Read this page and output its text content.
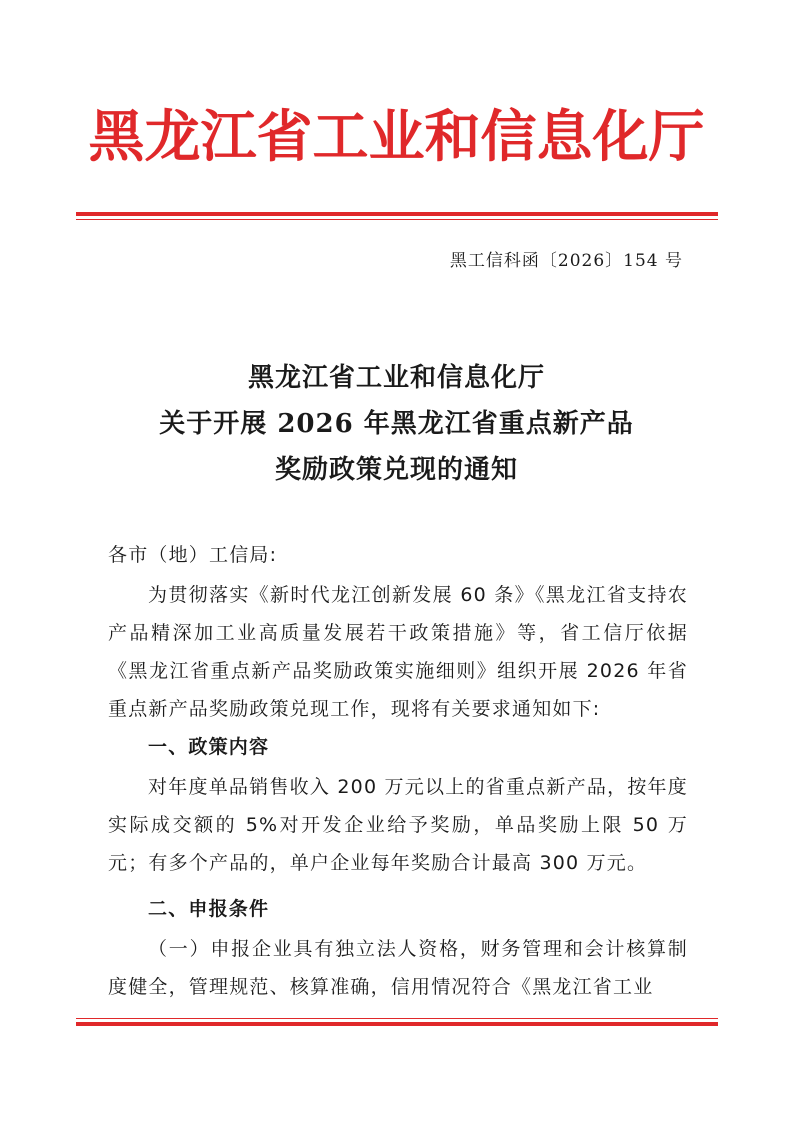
黑龙江省工业和信息化厅
黑工信科函〔2026〕154 号
黑龙江省工业和信息化厅
关于开展 2026 年黑龙江省重点新产品
奖励政策兑现的通知
各市（地）工信局:
为贯彻落实《新时代龙江创新发展 60 条》《黑龙江省支持农产品精深加工业高质量发展若干政策措施》等，省工信厅依据《黑龙江省重点新产品奖励政策实施细则》组织开展 2026 年省重点新产品奖励政策兑现工作，现将有关要求通知如下:
一、政策内容
对年度单品销售收入 200 万元以上的省重点新产品，按年度实际成交额的 5%对开发企业给予奖励，单品奖励上限 50 万元；有多个产品的，单户企业每年奖励合计最高 300 万元。
二、申报条件
（一）申报企业具有独立法人资格，财务管理和会计核算制度健全，管理规范、核算准确，信用情况符合《黑龙江省工业
